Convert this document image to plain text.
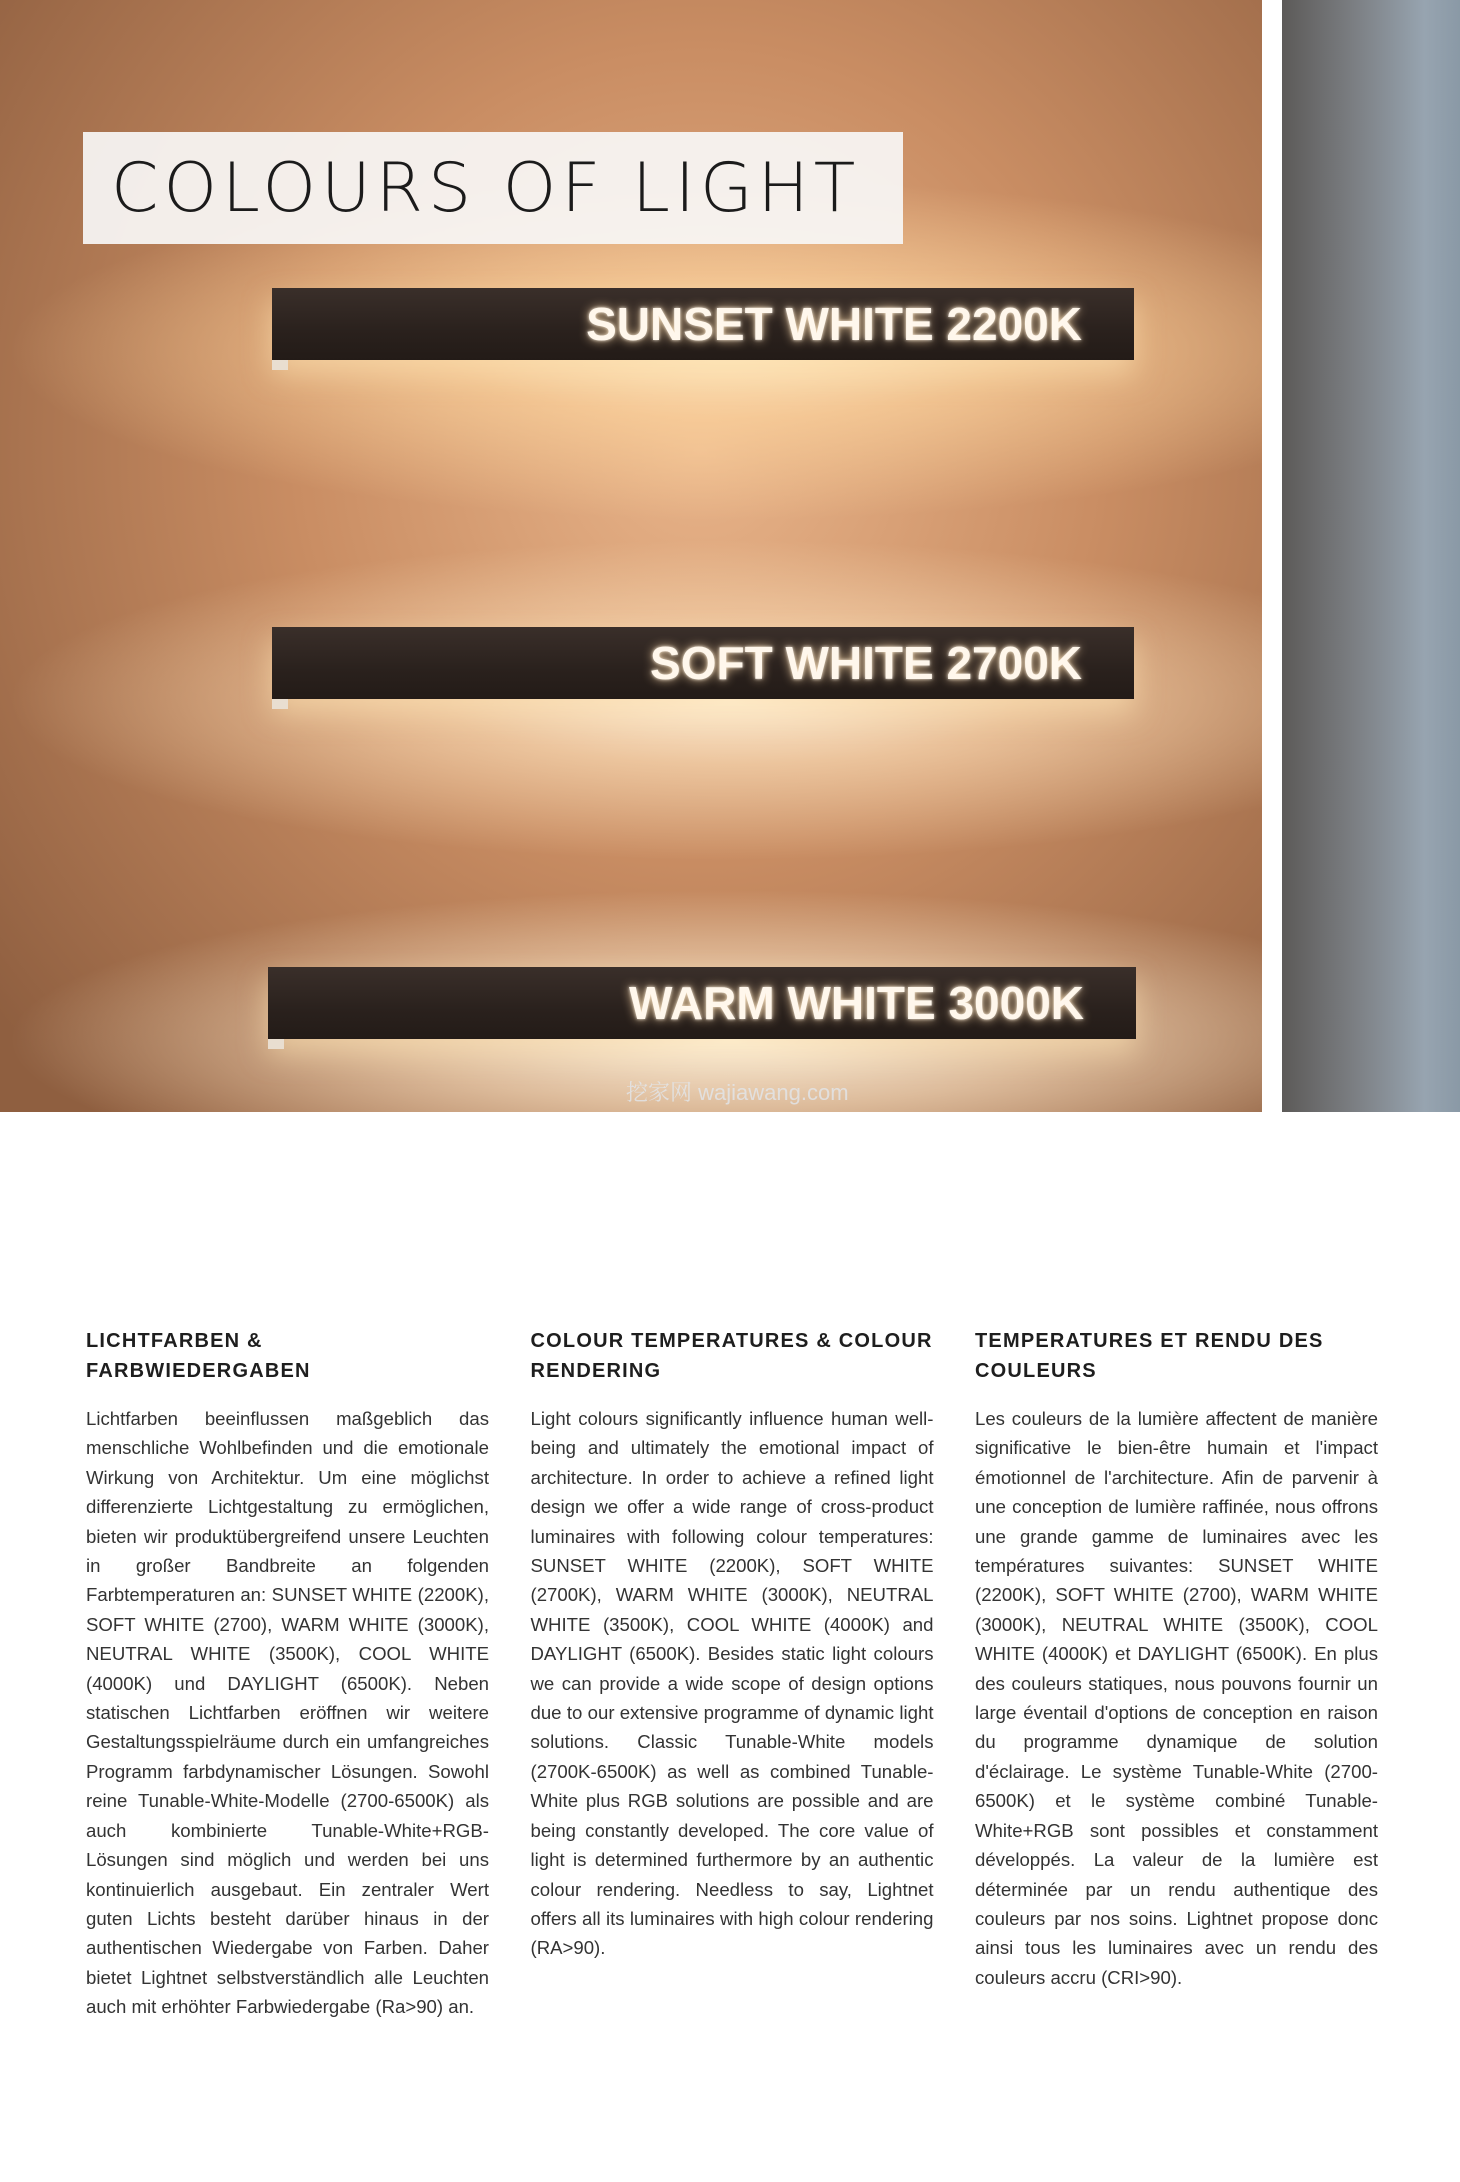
COLOURS OF LIGHT
SUNSET WHITE 2200K
SOFT WHITE 2700K
WARM WHITE 3000K
挖家网 wajiawang.com
LICHTFARBEN & FARBWIEDERGABEN

Lichtfarben beeinflussen maßgeblich das menschliche Wohlbefinden und die emotionale Wirkung von Architektur. Um eine möglichst differenzierte Lichtgestaltung zu ermöglichen, bieten wir produktübergreifend unsere Leuchten in großer Bandbreite an folgenden Farbtemperaturen an: SUNSET WHITE (2200K), SOFT WHITE (2700), WARM WHITE (3000K), NEUTRAL WHITE (3500K), COOL WHITE (4000K) und DAYLIGHT (6500K). Neben statischen Lichtfarben eröffnen wir weitere Gestaltungsspielräume durch ein umfangreiches Programm farbdynamischer Lösungen. Sowohl reine Tunable-White-Modelle (2700-6500K) als auch kombinierte Tunable-White+RGB-Lösungen sind möglich und werden bei uns kontinuierlich ausgebaut. Ein zentraler Wert guten Lichts besteht darüber hinaus in der authentischen Wiedergabe von Farben. Daher bietet Lightnet selbstverständlich alle Leuchten auch mit erhöhter Farbwiedergabe (Ra>90) an.

COLOUR TEMPERATURES & COLOUR RENDERING

Light colours significantly influence human well-being and ultimately the emotional impact of architecture. In order to achieve a refined light design we offer a wide range of cross-product luminaires with following colour temperatures: SUNSET WHITE (2200K), SOFT WHITE (2700K), WARM WHITE (3000K), NEUTRAL WHITE (3500K), COOL WHITE (4000K) and DAYLIGHT (6500K). Besides static light colours we can provide a wide scope of design options due to our extensive programme of dynamic light solutions. Classic Tunable-White models (2700K-6500K) as well as combined Tunable- White plus RGB solutions are possible and are being constantly developed. The core value of light is determined furthermore by an authentic colour rendering. Needless to say, Lightnet offers all its luminaires with high colour rendering (RA>90).

TEMPERATURES ET RENDU DES COULEURS

Les couleurs de la lumière affectent de manière significative le bien-être humain et l'impact émotionnel de l'architecture. Afin de parvenir à une conception de lumière raffinée, nous offrons une grande gamme de luminaires avec les températures suivantes: SUNSET WHITE (2200K), SOFT WHITE (2700), WARM WHITE (3000K), NEUTRAL WHITE (3500K), COOL WHITE (4000K) et DAYLIGHT (6500K). En plus des couleurs statiques, nous pouvons fournir un large éventail d'options de conception en raison du programme dynamique de solution d'éclairage. Le système Tunable-White (2700-6500K) et le système combiné Tunable-White+RGB sont possibles et constamment développés. La valeur de la lumière est déterminée par un rendu authentique des couleurs par nos soins. Lightnet propose donc ainsi tous les luminaires avec un rendu des couleurs accru (CRI>90).
